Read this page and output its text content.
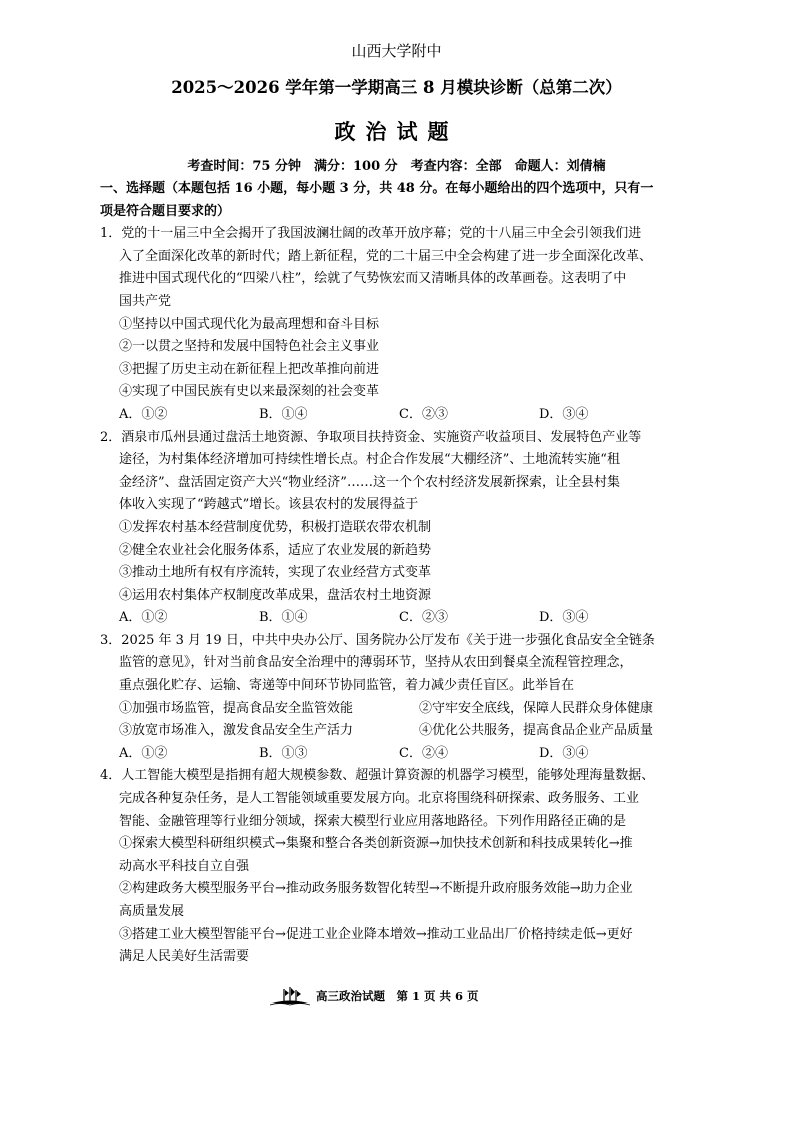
山西大学附中
2025～2026 学年第一学期高三 8 月模块诊断（总第二次）
政治试题
考查时间：75 分钟　满分：100 分　考查内容：全部　命题人：刘倩楠
一、选择题（本题包括 16 小题，每小题 3 分，共 48 分。在每小题给出的四个选项中，只有一
项是符合题目要求的）
1．党的十一届三中全会揭开了我国波澜壮阔的改革开放序幕；党的十八届三中全会引领我们进
入了全面深化改革的新时代；踏上新征程，党的二十届三中全会构建了进一步全面深化改革、
推进中国式现代化的“四梁八柱”，绘就了气势恢宏而又清晰具体的改革画卷。这表明了中
国共产党
①坚持以中国式现代化为最高理想和奋斗目标
②一以贯之坚持和发展中国特色社会主义事业
③把握了历史主动在新征程上把改革推向前进
④实现了中国民族有史以来最深刻的社会变革
A．①②	B．①④	C．②③	D．③④
2．酒泉市瓜州县通过盘活土地资源、争取项目扶持资金、实施资产收益项目、发展特色产业等
途径，为村集体经济增加可持续性增长点。村企合作发展“大棚经济”、土地流转实施“租
金经济”、盘活固定资产大兴“物业经济”……这一个个农村经济发展新探索，让全县村集
体收入实现了“跨越式”增长。该县农村的发展得益于
①发挥农村基本经营制度优势，积极打造联农带农机制
②健全农业社会化服务体系，适应了农业发展的新趋势
③推动土地所有权有序流转，实现了农业经营方式变革
④运用农村集体产权制度改革成果，盘活农村土地资源
A．①②	B．①④	C．②③	D．③④
3．2025 年 3 月 19 日，中共中央办公厅、国务院办公厅发布《关于进一步强化食品安全全链条
监管的意见》，针对当前食品安全治理中的薄弱环节，坚持从农田到餐桌全流程管控理念，
重点强化贮存、运输、寄递等中间环节协同监管，着力减少责任盲区。此举旨在
①加强市场监管，提高食品安全监管效能	②守牢安全底线，保障人民群众身体健康
③放宽市场准入，激发食品安全生产活力	④优化公共服务，提高食品企业产品质量
A．①②	B．①③	C．②④	D．③④
4．人工智能大模型是指拥有超大规模参数、超强计算资源的机器学习模型，能够处理海量数据、
完成各种复杂任务，是人工智能领域重要发展方向。北京将围绕科研探索、政务服务、工业
智能、金融管理等行业细分领域，探索大模型行业应用落地路径。下列作用路径正确的是
①探索大模型科研组织模式→集聚和整合各类创新资源→加快技术创新和科技成果转化→推
动高水平科技自立自强
②构建政务大模型服务平台→推动政务服务数智化转型→不断提升政府服务效能→助力企业
高质量发展
③搭建工业大模型智能平台→促进工业企业降本增效→推动工业品出厂价格持续走低→更好
满足人民美好生活需要
高三政治试题　第 1 页 共 6 页
